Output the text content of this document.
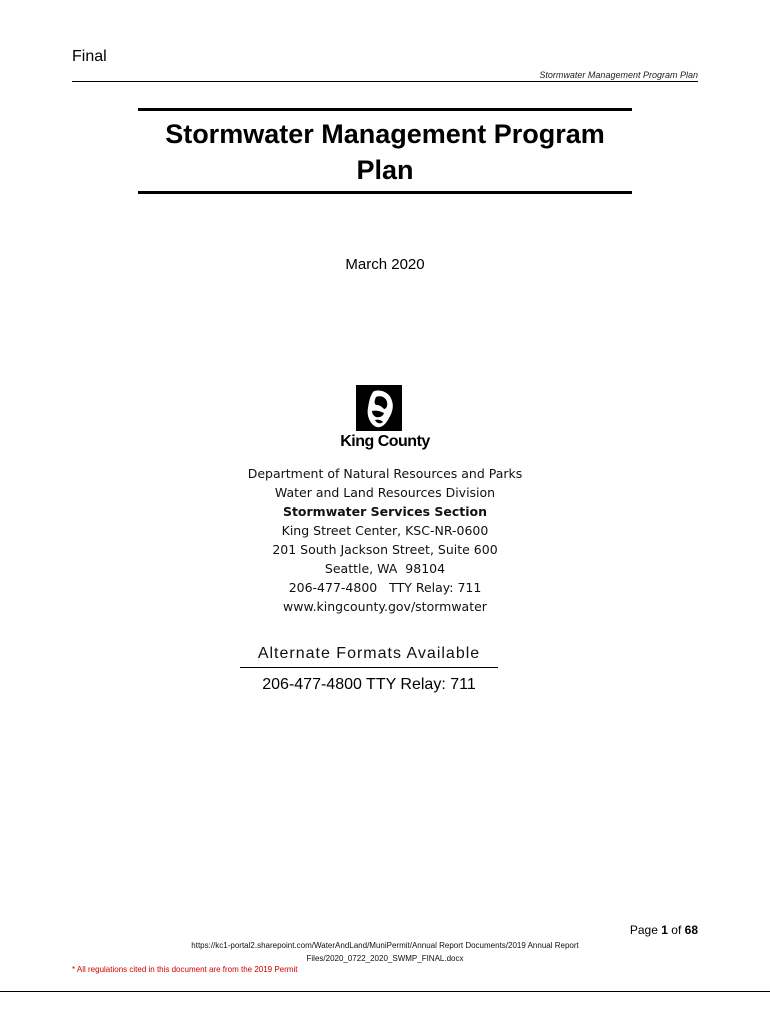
Final
Stormwater Management Program Plan
Stormwater Management Program
Plan
March 2020
King County
Department of Natural Resources and Parks
Water and Land Resources Division
Stormwater Services Section
King Street Center, KSC-NR-0600
201 South Jackson Street, Suite 600
Seattle, WA  98104
206-477-4800   TTY Relay: 711
www.kingcounty.gov/stormwater
Alternate Formats Available
206-477-4800 TTY Relay: 711
Page 1 of 68
https://kc1-portal2.sharepoint.com/WaterAndLand/MuniPermit/Annual Report Documents/2019 Annual Report
Files/2020_0722_2020_SWMP_FINAL.docx
* All regulations cited in this document are from the 2019 Permit
